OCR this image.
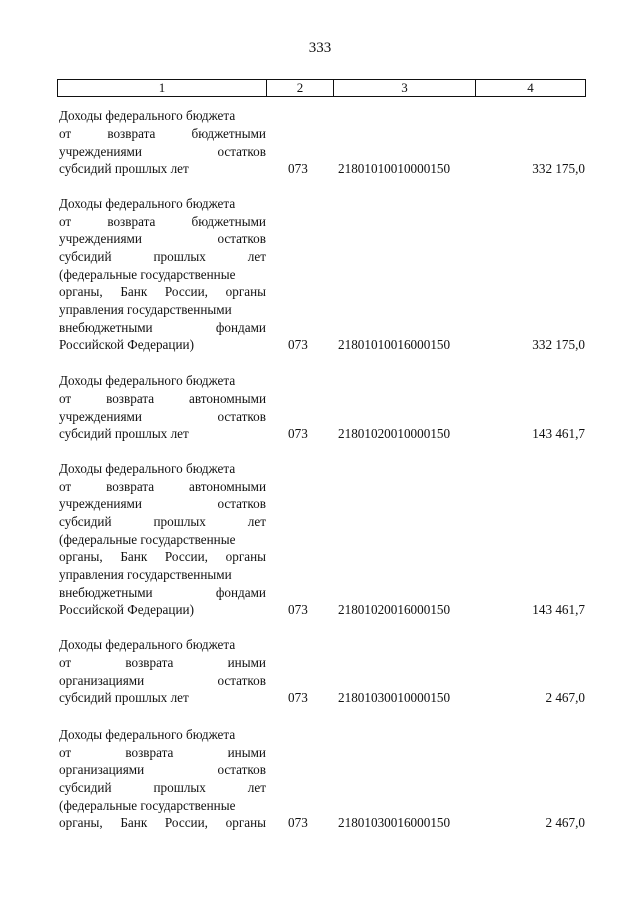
333
1	2	3	4
Доходы федерального бюджета
от	возврата	бюджетными
учреждениями	остатков
субсидий прошлых лет	073 21801010010000150	332 175,0
Доходы федерального бюджета
от	возврата	бюджетными
учреждениями	остатков
субсидий	прошлых	лет
(федеральные государственные
органы, Банк России, органы
управления государственными
внебюджетными	фондами
Российской Федерации)	073 21801010016000150	332 175,0
Доходы федерального бюджета
от	возврата	автономными
учреждениями	остатков
субсидий прошлых лет	073 21801020010000150	143 461,7
Доходы федерального бюджета
от	возврата	автономными
учреждениями	остатков
субсидий	прошлых	лет
(федеральные государственные
органы, Банк России, органы
управления государственными
внебюджетными	фондами
Российской Федерации)	073 21801020016000150	143 461,7
Доходы федерального бюджета
от	возврата	иными
организациями	остатков
субсидий прошлых лет	073 21801030010000150	2 467,0
Доходы федерального бюджета
от	возврата	иными
организациями	остатков
субсидий	прошлых	лет
(федеральные государственные
органы, Банк России, органы 073 21801030016000150	2 467,0
